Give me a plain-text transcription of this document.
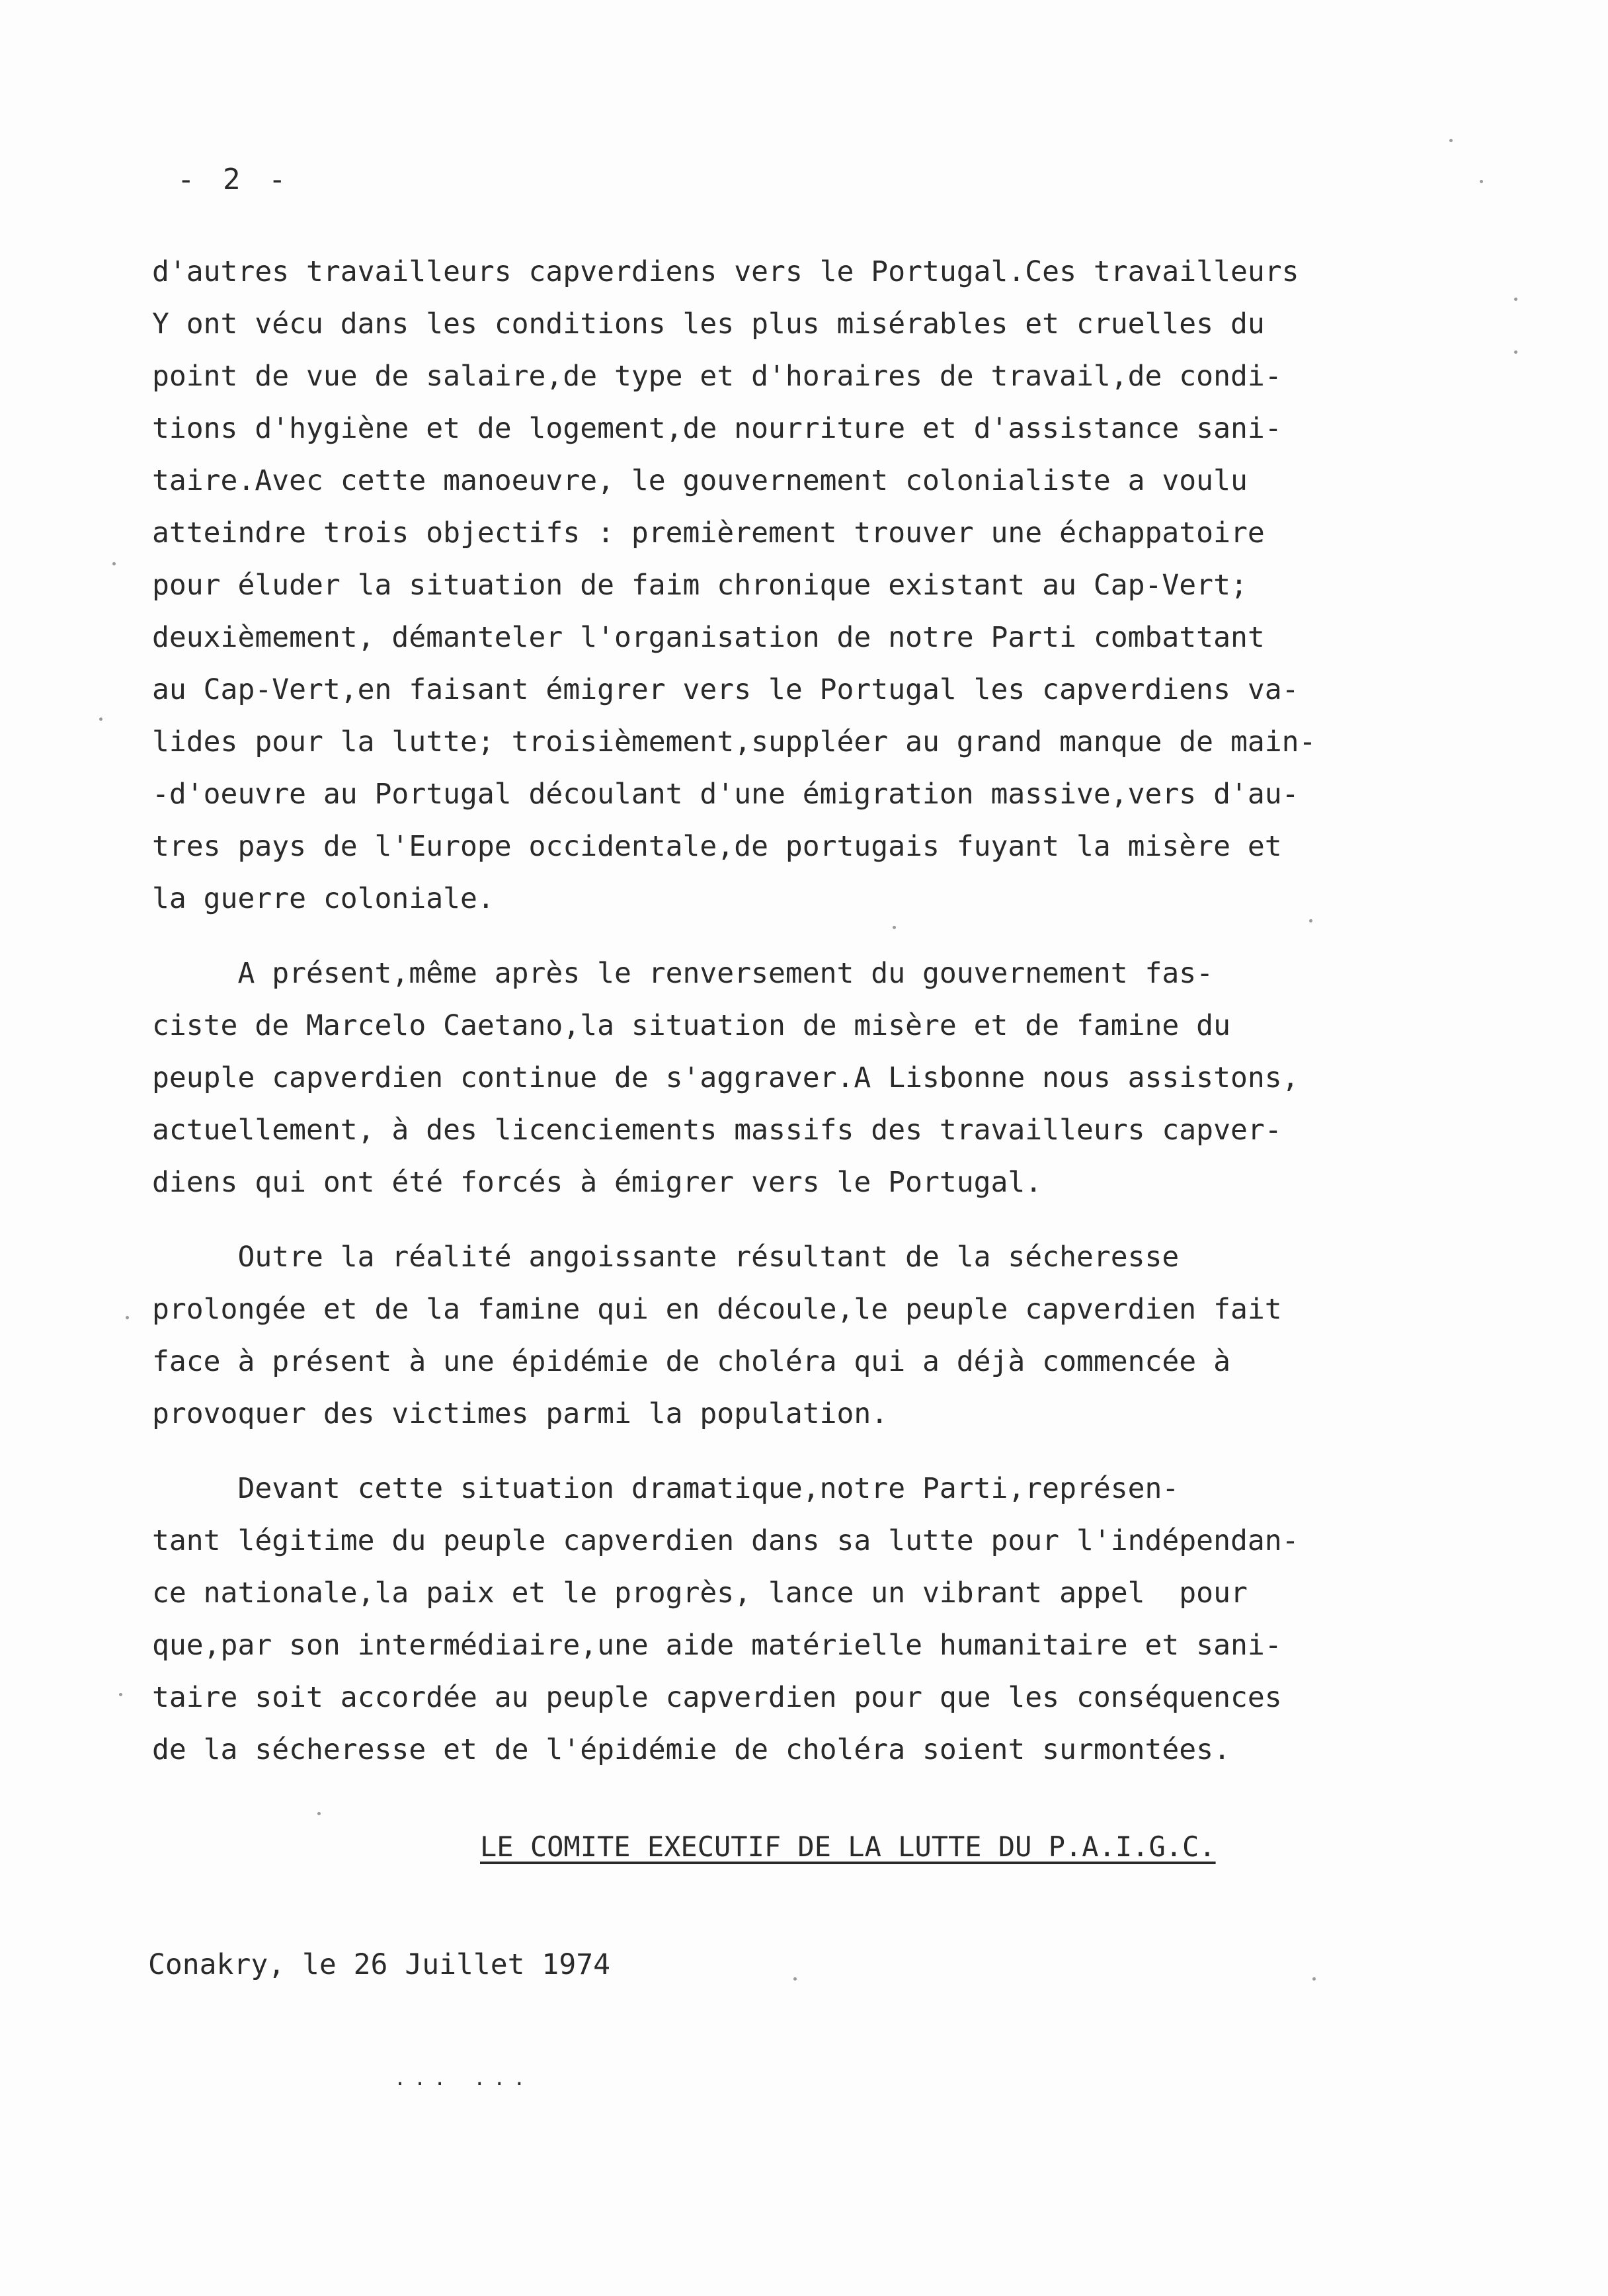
- 2 -

d'autres travailleurs capverdiens vers le Portugal.Ces travailleurs
Y ont vécu dans les conditions les plus misérables et cruelles du
point de vue de salaire,de type et d'horaires de travail,de condi-
tions d'hygiène et de logement,de nourriture et d'assistance sani-
taire.Avec cette manoeuvre, le gouvernement colonialiste a voulu
atteindre trois objectifs : premièrement trouver une échappatoire
pour éluder la situation de faim chronique existant au Cap-Vert;
deuxièmement, démanteler l'organisation de notre Parti combattant
au Cap-Vert,en faisant émigrer vers le Portugal les capverdiens va-
lides pour la lutte; troisièmement,suppléer au grand manque de main-
-d'oeuvre au Portugal découlant d'une émigration massive,vers d'au-
tres pays de l'Europe occidentale,de portugais fuyant la misère et
la guerre coloniale.

A présent,même après le renversement du gouvernement fas-
ciste de Marcelo Caetano,la situation de misère et de famine du
peuple capverdien continue de s'aggraver.A Lisbonne nous assistons,
actuellement, à des licenciements massifs des travailleurs capver-
diens qui ont été forcés à émigrer vers le Portugal.

Outre la réalité angoissante résultant de la sécheresse
prolongée et de la famine qui en découle,le peuple capverdien fait
face à présent à une épidémie de choléra qui a déjà commencée à
provoquer des victimes parmi la population.

Devant cette situation dramatique,notre Parti,représen-
tant légitime du peuple capverdien dans sa lutte pour l'indépendan-
ce nationale,la paix et le progrès, lance un vibrant appel  pour
que,par son intermédiaire,une aide matérielle humanitaire et sani-
taire soit accordée au peuple capverdien pour que les conséquences
de la sécheresse et de l'épidémie de choléra soient surmontées.

LE COMITE EXECUTIF DE LA LUTTE DU P.A.I.G.C.
Conakry, le 26 Juillet 1974
... ...
